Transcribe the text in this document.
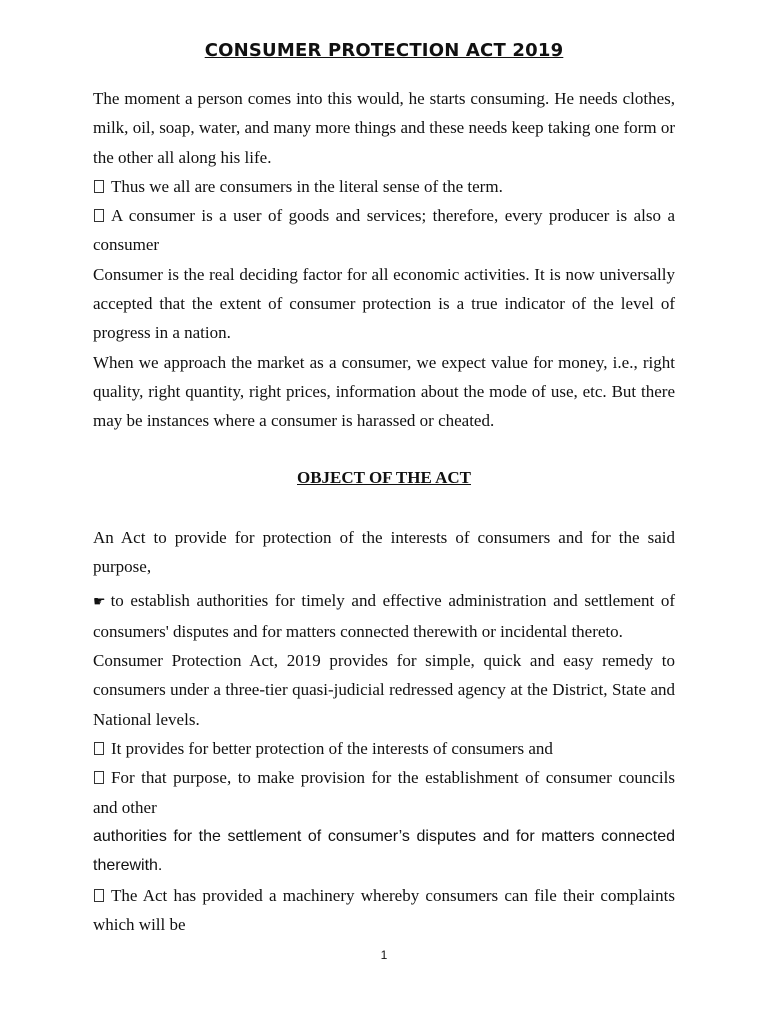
CONSUMER PROTECTION ACT 2019

The moment a person comes into this would, he starts consuming. He needs clothes, milk, oil, soap, water, and many more things and these needs keep taking one form or the other all along his life.

Thus we all are consumers in the literal sense of the term.

A consumer is a user of goods and services; therefore, every producer is also a consumer

Consumer is the real deciding factor for all economic activities. It is now universally accepted that the extent of consumer protection is a true indicator of the level of progress in a nation.

When we approach the market as a consumer, we expect value for money, i.e., right quality, right quantity, right prices, information about the mode of use, etc. But there may be instances where a consumer is harassed or cheated.

OBJECT OF THE ACT

An Act to provide for protection of the interests of consumers and for the said purpose,

☛ to establish authorities for timely and effective administration and settlement of consumers' disputes and for matters connected therewith or incidental thereto.

Consumer Protection Act, 2019 provides for simple, quick and easy remedy to consumers under a three-tier quasi-judicial redressed agency at the District, State and National levels.

It provides for better protection of the interests of consumers and

For that purpose, to make provision for the establishment of consumer councils and other

authorities for the settlement of consumer’s disputes and for matters connected therewith.

The Act has provided a machinery whereby consumers can file their complaints which will be

1
